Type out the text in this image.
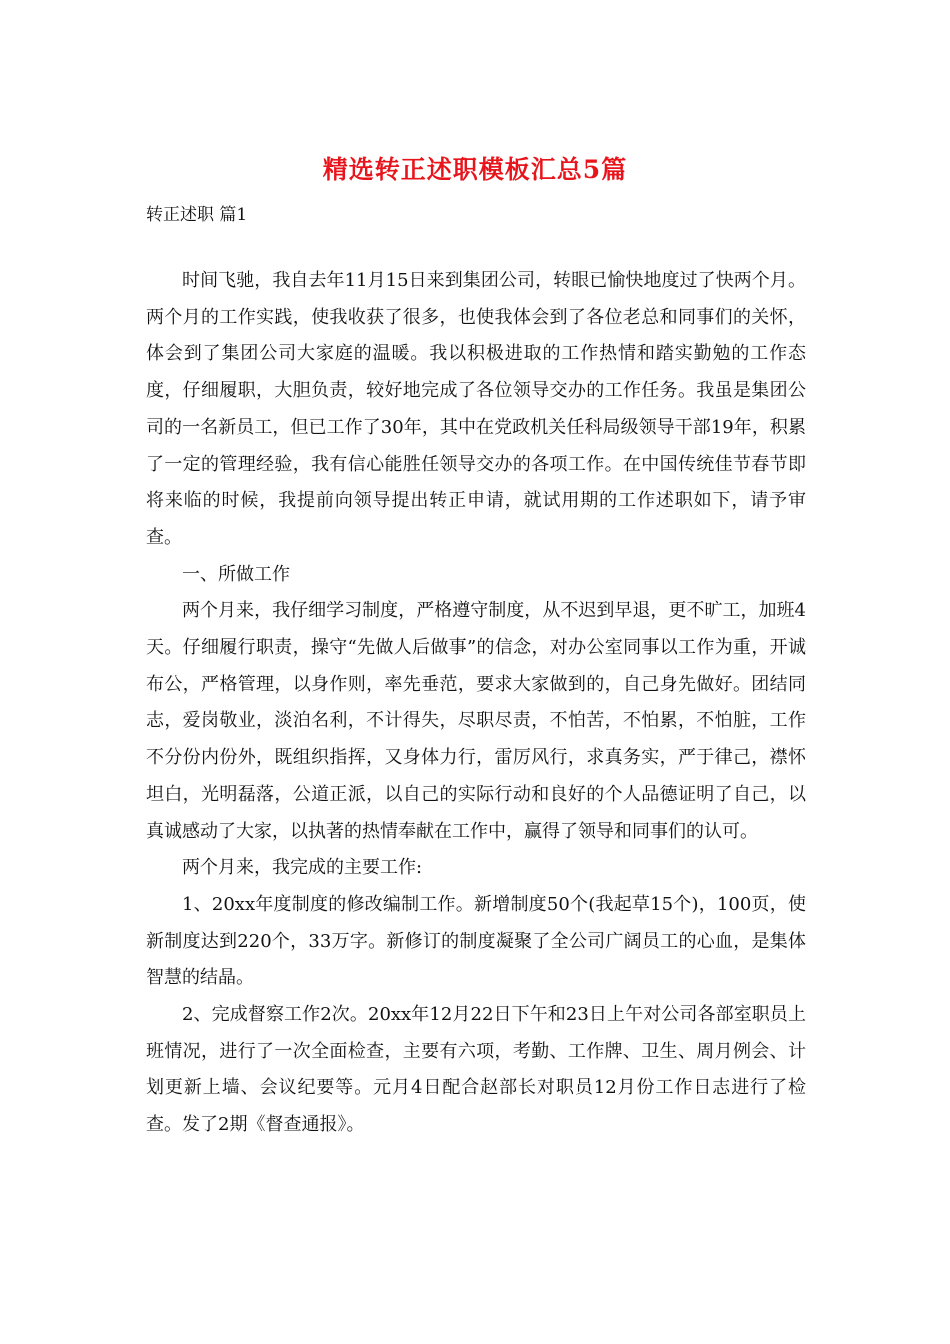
精选转正述职模板汇总5篇
转正述职 篇1

时间飞驰，我自去年11月15日来到集团公司，转眼已愉快地度过了快两个月。两个月的工作实践，使我收获了很多，也使我体会到了各位老总和同事们的关怀，体会到了集团公司大家庭的温暖。我以积极进取的工作热情和踏实勤勉的工作态度，仔细履职，大胆负责，较好地完成了各位领导交办的工作任务。我虽是集团公司的一名新员工，但已工作了30年，其中在党政机关任科局级领导干部19年，积累了一定的管理经验，我有信心能胜任领导交办的各项工作。在中国传统佳节春节即将来临的时候，我提前向领导提出转正申请，就试用期的工作述职如下，请予审查。

一、所做工作

两个月来，我仔细学习制度，严格遵守制度，从不迟到早退，更不旷工，加班4天。仔细履行职责，操守“先做人后做事”的信念，对办公室同事以工作为重，开诚布公，严格管理，以身作则，率先垂范，要求大家做到的，自己身先做好。团结同志，爱岗敬业，淡泊名利，不计得失，尽职尽责，不怕苦，不怕累，不怕脏，工作不分份内份外，既组织指挥，又身体力行，雷厉风行，求真务实，严于律己，襟怀坦白，光明磊落，公道正派，以自己的实际行动和良好的个人品德证明了自己，以真诚感动了大家，以执著的热情奉献在工作中，赢得了领导和同事们的认可。

两个月来，我完成的主要工作:

1、20xx年度制度的修改编制工作。新增制度50个(我起草15个)，100页，使新制度达到220个，33万字。新修订的制度凝聚了全公司广阔员工的心血，是集体智慧的结晶。

2、完成督察工作2次。20xx年12月22日下午和23日上午对公司各部室职员上班情况，进行了一次全面检查，主要有六项，考勤、工作牌、卫生、周月例会、计划更新上墙、会议纪要等。元月4日配合赵部长对职员12月份工作日志进行了检查。发了2期《督查通报》。
